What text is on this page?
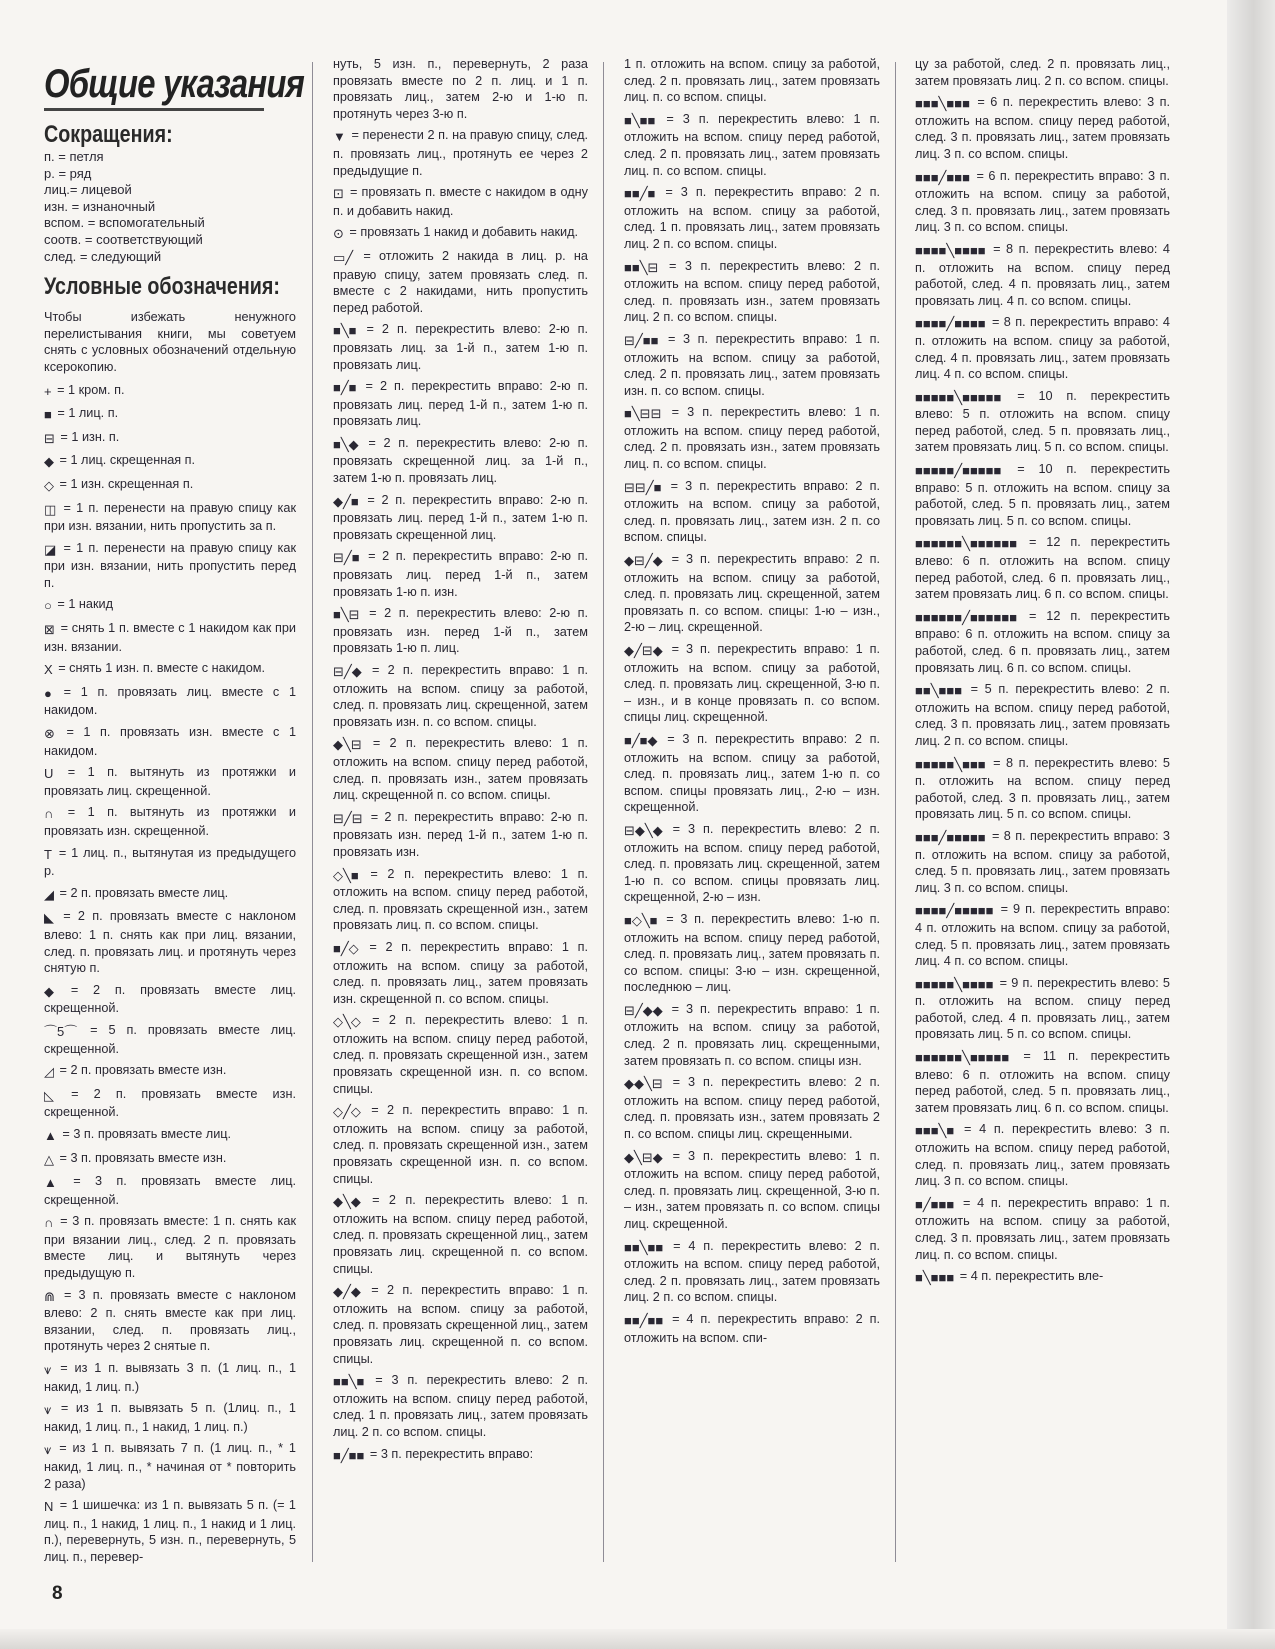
Общие указания
Сокращения:

п. = петля

р. = ряд

лиц.= лицевой

изн. = изнаночный

вспом. = вспомогательный

соотв. = соответствующий

след. = следующий

Условные обозначения:
Чтобы избежать ненужного перелистывания книги, мы советуем снять с условных обозначений отдельную ксерокопию.
+ = 1 кром. п.
■ = 1 лиц. п.
⊟ = 1 изн. п.
◆ = 1 лиц. скрещенная п.
◇ = 1 изн. скрещенная п.
◫ = 1 п. перенести на правую спицу как при изн. вязании, нить пропустить за п.
◪ = 1 п. перенести на правую спицу как при изн. вязании, нить пропустить перед п.
○ = 1 накид
⊠ = снять 1 п. вместе с 1 накидом как при изн. вязании.
X = снять 1 изн. п. вместе с накидом.
● = 1 п. провязать лиц. вместе с 1 накидом.
⊗ = 1 п. провязать изн. вместе с 1 накидом.
U = 1 п. вытянуть из протяжки и провязать лиц. скрещенной.
∩ = 1 п. вытянуть из протяжки и провязать изн. скрещенной.
T = 1 лиц. п., вытянутая из предыдущего р.
◢ = 2 п. провязать вместе лиц.
◣ = 2 п. провязать вместе с наклоном влево: 1 п. снять как при лиц. вязании, след. п. провязать лиц. и протянуть через снятую п.
◆ = 2 п. провязать вместе лиц. скрещенной.
⌒5⌒ = 5 п. провязать вместе лиц. скрещенной.
◿ = 2 п. провязать вместе изн.
◺ = 2 п. провязать вместе изн. скрещенной.
▲ = 3 п. провязать вместе лиц.
△ = 3 п. провязать вместе изн.
▲ = 3 п. провязать вместе лиц. скрещенной.
∩ = 3 п. провязать вместе: 1 п. снять как при вязании лиц., след. 2 п. провязать вместе лиц. и вытянуть через предыдущую п.
⋒ = 3 п. провязать вместе с наклоном влево: 2 п. снять вместе как при лиц. вязании, след. п. провязать лиц., протянуть через 2 снятые п.
⩛ = из 1 п. вывязать 3 п. (1 лиц. п., 1 накид, 1 лиц. п.)
⩛ = из 1 п. вывязать 5 п. (1лиц. п., 1 накид, 1 лиц. п., 1 накид, 1 лиц. п.)
⩛ = из 1 п. вывязать 7 п. (1 лиц. п., * 1 накид, 1 лиц. п., * начиная от * повторить 2 раза)
N = 1 шишечка: из 1 п. вывязать 5 п. (= 1 лиц. п., 1 накид, 1 лиц. п., 1 накид и 1 лиц. п.), перевернуть, 5 изн. п., перевернуть, 5 лиц. п., перевер-
нуть, 5 изн. п., перевернуть, 2 раза провязать вместе по 2 п. лиц. и 1 п. провязать лиц., затем 2-ю и 1-ю п. протянуть через 3-ю п.
▼ = перенести 2 п. на правую спицу, след. п. провязать лиц., протянуть ее через 2 предыдущие п.
⊡ = провязать п. вместе с накидом в одну п. и добавить накид.
⊙ = провязать 1 накид и добавить накид.
▭╱ = отложить 2 накида в лиц. р. на правую спицу, затем провязать след. п. вместе с 2 накидами, нить пропустить перед работой.
■╲■ = 2 п. перекрестить влево: 2-ю п. провязать лиц. за 1-й п., затем 1-ю п. провязать лиц.
■╱■ = 2 п. перекрестить вправо: 2-ю п. провязать лиц. перед 1-й п., затем 1-ю п. провязать лиц.
■╲◆ = 2 п. перекрестить влево: 2-ю п. провязать скрещенной лиц. за 1-й п., затем 1-ю п. провязать лиц.
◆╱■ = 2 п. перекрестить вправо: 2-ю п. провязать лиц. перед 1-й п., затем 1-ю п. провязать скрещенной лиц.
⊟╱■ = 2 п. перекрестить вправо: 2-ю п. провязать лиц. перед 1-й п., затем провязать 1-ю п. изн.
■╲⊟ = 2 п. перекрестить влево: 2-ю п. провязать изн. перед 1-й п., затем провязать 1-ю п. лиц.
⊟╱◆ = 2 п. перекрестить вправо: 1 п. отложить на вспом. спицу за работой, след. п. провязать лиц. скрещенной, затем провязать изн. п. со вспом. спицы.
◆╲⊟ = 2 п. перекрестить влево: 1 п. отложить на вспом. спицу перед работой, след. п. провязать изн., затем провязать лиц. скрещенной п. со вспом. спицы.
⊟╱⊟ = 2 п. перекрестить вправо: 2-ю п. провязать изн. перед 1-й п., затем 1-ю п. провязать изн.
◇╲■ = 2 п. перекрестить влево: 1 п. отложить на вспом. спицу перед работой, след. п. провязать скрещенной изн., затем провязать лиц. п. со вспом. спицы.
■╱◇ = 2 п. перекрестить вправо: 1 п. отложить на вспом. спицу за работой, след. п. провязать лиц., затем провязать изн. скрещенной п. со вспом. спицы.
◇╲◇ = 2 п. перекрестить влево: 1 п. отложить на вспом. спицу перед работой, след. п. провязать скрещенной изн., затем провязать скрещенной изн. п. со вспом. спицы.
◇╱◇ = 2 п. перекрестить вправо: 1 п. отложить на вспом. спицу за работой, след. п. провязать скрещенной изн., затем провязать скрещенной изн. п. со вспом. спицы.
◆╲◆ = 2 п. перекрестить влево: 1 п. отложить на вспом. спицу перед работой, след. п. провязать скрещенной лиц., затем провязать лиц. скрещенной п. со вспом. спицы.
◆╱◆ = 2 п. перекрестить вправо: 1 п. отложить на вспом. спицу за работой, след. п. провязать скрещенной лиц., затем провязать лиц. скрещенной п. со вспом. спицы.
■■╲■ = 3 п. перекрестить влево: 2 п. отложить на вспом. спицу перед работой, след. 1 п. провязать лиц., затем провязать лиц. 2 п. со вспом. спицы.
■╱■■ = 3 п. перекрестить вправо:
1 п. отложить на вспом. спицу за работой, след. 2 п. провязать лиц., затем провязать лиц. п. со вспом. спицы.
■╲■■ = 3 п. перекрестить влево: 1 п. отложить на вспом. спицу перед работой, след. 2 п. провязать лиц., затем провязать лиц. п. со вспом. спицы.
■■╱■ = 3 п. перекрестить вправо: 2 п. отложить на вспом. спицу за работой, след. 1 п. провязать лиц., затем провязать лиц. 2 п. со вспом. спицы.
■■╲⊟ = 3 п. перекрестить влево: 2 п. отложить на вспом. спицу перед работой, след. п. провязать изн., затем провязать лиц. 2 п. со вспом. спицы.
⊟╱■■ = 3 п. перекрестить вправо: 1 п. отложить на вспом. спицу за работой, след. 2 п. провязать лиц., затем провязать изн. п. со вспом. спицы.
■╲⊟⊟ = 3 п. перекрестить влево: 1 п. отложить на вспом. спицу перед работой, след. 2 п. провязать изн., затем провязать лиц. п. со вспом. спицы.
⊟⊟╱■ = 3 п. перекрестить вправо: 2 п. отложить на вспом. спицу за работой, след. п. провязать лиц., затем изн. 2 п. со вспом. спицы.
◆⊟╱◆ = 3 п. перекрестить вправо: 2 п. отложить на вспом. спицу за работой, след. п. провязать лиц. скрещенной, затем провязать п. со вспом. спицы: 1-ю – изн., 2-ю – лиц. скрещенной.
◆╱⊟◆ = 3 п. перекрестить вправо: 1 п. отложить на вспом. спицу за работой, след. п. провязать лиц. скрещенной, 3-ю п. – изн., и в конце провязать п. со вспом. спицы лиц. скрещенной.
■╱■◆ = 3 п. перекрестить вправо: 2 п. отложить на вспом. спицу за работой, след. п. провязать лиц., затем 1-ю п. со вспом. спицы провязать лиц., 2-ю – изн. скрещенной.
⊟◆╲◆ = 3 п. перекрестить влево: 2 п. отложить на вспом. спицу перед работой, след. п. провязать лиц. скрещенной, затем 1-ю п. со вспом. спицы провязать лиц. скрещенной, 2-ю – изн.
■◇╲■ = 3 п. перекрестить влево: 1-ю п. отложить на вспом. спицу перед работой, след. п. провязать лиц., затем провязать п. со вспом. спицы: 3-ю – изн. скрещенной, последнюю – лиц.
⊟╱◆◆ = 3 п. перекрестить вправо: 1 п. отложить на вспом. спицу за работой, след. 2 п. провязать лиц. скрещенными, затем провязать п. со вспом. спицы изн.
◆◆╲⊟ = 3 п. перекрестить влево: 2 п. отложить на вспом. спицу перед работой, след. п. провязать изн., затем провязать 2 п. со вспом. спицы лиц. скрещенными.
◆╲⊟◆ = 3 п. перекрестить влево: 1 п. отложить на вспом. спицу перед работой, след. п. провязать лиц. скрещенной, 3-ю п. – изн., затем провязать п. со вспом. спицы лиц. скрещенной.
■■╲■■ = 4 п. перекрестить влево: 2 п. отложить на вспом. спицу перед работой, след. 2 п. провязать лиц., затем провязать лиц. 2 п. со вспом. спицы.
■■╱■■ = 4 п. перекрестить вправо: 2 п. отложить на вспом. спи-
цу за работой, след. 2 п. провязать лиц., затем провязать лиц. 2 п. со вспом. спицы.
■■■╲■■■ = 6 п. перекрестить влево: 3 п. отложить на вспом. спицу перед работой, след. 3 п. провязать лиц., затем провязать лиц. 3 п. со вспом. спицы.
■■■╱■■■ = 6 п. перекрестить вправо: 3 п. отложить на вспом. спицу за работой, след. 3 п. провязать лиц., затем провязать лиц. 3 п. со вспом. спицы.
■■■■╲■■■■ = 8 п. перекрестить влево: 4 п. отложить на вспом. спицу перед работой, след. 4 п. провязать лиц., затем провязать лиц. 4 п. со вспом. спицы.
■■■■╱■■■■ = 8 п. перекрестить вправо: 4 п. отложить на вспом. спицу за работой, след. 4 п. провязать лиц., затем провязать лиц. 4 п. со вспом. спицы.
■■■■■╲■■■■■ = 10 п. перекрестить влево: 5 п. отложить на вспом. спицу перед работой, след. 5 п. провязать лиц., затем провязать лиц. 5 п. со вспом. спицы.
■■■■■╱■■■■■ = 10 п. перекрестить вправо: 5 п. отложить на вспом. спицу за работой, след. 5 п. провязать лиц., затем провязать лиц. 5 п. со вспом. спицы.
■■■■■■╲■■■■■■ = 12 п. перекрестить влево: 6 п. отложить на вспом. спицу перед работой, след. 6 п. провязать лиц., затем провязать лиц. 6 п. со вспом. спицы.
■■■■■■╱■■■■■■ = 12 п. перекрестить вправо: 6 п. отложить на вспом. спицу за работой, след. 6 п. провязать лиц., затем провязать лиц. 6 п. со вспом. спицы.
■■╲■■■ = 5 п. перекрестить влево: 2 п. отложить на вспом. спицу перед работой, след. 3 п. провязать лиц., затем провязать лиц. 2 п. со вспом. спицы.
■■■■■╲■■■ = 8 п. перекрестить влево: 5 п. отложить на вспом. спицу перед работой, след. 3 п. провязать лиц., затем провязать лиц. 5 п. со вспом. спицы.
■■■╱■■■■■ = 8 п. перекрестить вправо: 3 п. отложить на вспом. спицу за работой, след. 5 п. провязать лиц., затем провязать лиц. 3 п. со вспом. спицы.
■■■■╱■■■■■ = 9 п. перекрестить вправо: 4 п. отложить на вспом. спицу за работой, след. 5 п. провязать лиц., затем провязать лиц. 4 п. со вспом. спицы.
■■■■■╲■■■■ = 9 п. перекрестить влево: 5 п. отложить на вспом. спицу перед работой, след. 4 п. провязать лиц., затем провязать лиц. 5 п. со вспом. спицы.
■■■■■■╲■■■■■ = 11 п. перекрестить влево: 6 п. отложить на вспом. спицу перед работой, след. 5 п. провязать лиц., затем провязать лиц. 6 п. со вспом. спицы.
■■■╲■ = 4 п. перекрестить влево: 3 п. отложить на вспом. спицу перед работой, след. п. провязать лиц., затем провязать лиц. 3 п. со вспом. спицы.
■╱■■■ = 4 п. перекрестить вправо: 1 п. отложить на вспом. спицу за работой, след. 3 п. провязать лиц., затем провязать лиц. п. со вспом. спицы.
■╲■■■ = 4 п. перекрестить вле-
8
